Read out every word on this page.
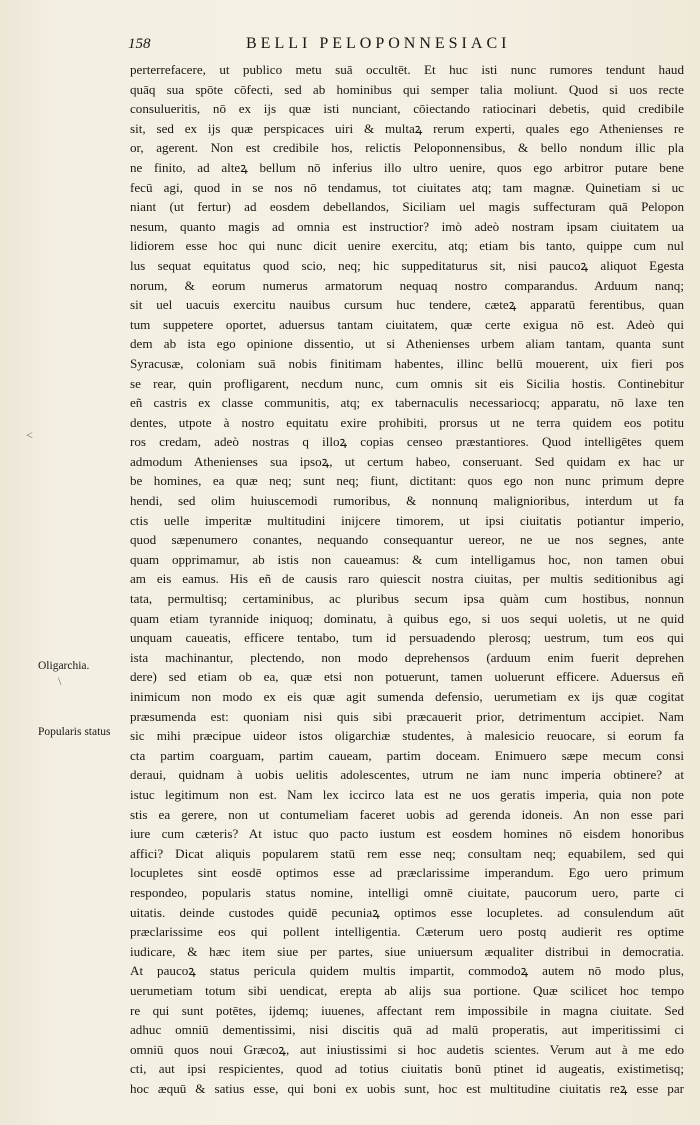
158	BELLI PELOPONNESIACI
Oligarchia.
Popularis status
<
\
perterrefacere, ut publico metu suā occultēt. Et huc isti nunc rumores tendunt haud
quāq sua spōte cōfecti, sed ab hominibus qui semper talia moliunt. Quod si uos recte
consulueritis, nō ex ijs quæ isti nunciant, cōiectando ratiocinari debetis, quid credibile
sit, sed ex ijs quæ perspicaces uiri & multaꝝ rerum experti, quales ego Athenienses re
or, agerent. Non est credibile hos, relictis Peloponnensibus, & bello nondum illic pla
ne finito, ad alteꝝ bellum nō inferius illo ultro uenire, quos ego arbitror putare bene
fecū agi, quod in se nos nō tendamus, tot ciuitates atq; tam magnæ. Quinetiam si uc
niant (ut fertur) ad eosdem debellandos, Siciliam uel magis suffecturam quā Pelopon
nesum, quanto magis ad omnia est instructior? imò adeò nostram ipsam ciuitatem ua
lidiorem esse hoc qui nunc dicit uenire exercitu, atq; etiam bis tanto, quippe cum nul
lus sequat equitatus quod scio, neq; hic suppeditaturus sit, nisi paucoꝝ aliquot Egesta
norum, & eorum numerus armatorum nequaq nostro comparandus. Arduum nanq;
sit uel uacuis exercitu nauibus cursum huc tendere, cæteꝝ apparatū ferentibus, quan
tum suppetere oportet, aduersus tantam ciuitatem, quæ certe exigua nō est. Adeò qui
dem ab ista ego opinione dissentio, ut si Athenienses urbem aliam tantam, quanta sunt
Syracusæ, coloniam suā nobis finitimam habentes, illinc bellū mouerent, uix fieri pos
se rear, quin profligarent, necdum nunc, cum omnis sit eis Sicilia hostis. Continebitur
eñ castris ex classe communitis, atq; ex tabernaculis necessariocq; apparatu, nō laxe ten
dentes, utpote à nostro equitatu exire prohibiti, prorsus ut ne terra quidem eos potitu
ros credam, adeò nostras q illoꝝ copias censeo præstantiores. Quod intelligētes quem
admodum Athenienses sua ipsoꝝ, ut certum habeo, conseruant. Sed quidam ex hac ur
be homines, ea quæ neq; sunt neq; fiunt, dictitant: quos ego non nunc primum depre
hendi, sed olim huiuscemodi rumoribus, & nonnunq malignioribus, interdum ut fa
ctis uelle imperitæ multitudini inijcere timorem, ut ipsi ciuitatis potiantur imperio,
quod sæpenumero conantes, nequando consequantur uereor, ne ue nos segnes, ante
quam opprimamur, ab istis non caueamus: & cum intelligamus hoc, non tamen obui
am eis eamus. His eñ de causis raro quiescit nostra ciuitas, per multis seditionibus agi
tata, permultisq; certaminibus, ac pluribus secum ipsa quàm cum hostibus, nonnun
quam etiam tyrannide iniquoq; dominatu, à quibus ego, si uos sequi uoletis, ut ne quid
unquam caueatis, efficere tentabo, tum id persuadendo plerosq; uestrum, tum eos qui
ista machinantur, plectendo, non modo deprehensos (arduum enim fuerit deprehen
dere) sed etiam ob ea, quæ etsi non potuerunt, tamen uoluerunt efficere. Aduersus eñ
inimicum non modo ex eis quæ agit sumenda defensio, uerumetiam ex ijs quæ cogitat
præsumenda est: quoniam nisi quis sibi præcauerit prior, detrimentum accipiet. Nam
sic mihi præcipue uideor istos oligarchiæ studentes, à malesicio reuocare, si eorum fa
cta partim coarguam, partim caueam, partim doceam. Enimuero sæpe mecum consi
deraui, quidnam à uobis uelitis adolescentes, utrum ne iam nunc imperia obtinere? at
istuc legitimum non est. Nam lex iccirco lata est ne uos geratis imperia, quia non pote
stis ea gerere, non ut contumeliam faceret uobis ad gerenda idoneis. An non esse pari
iure cum cæteris? At istuc quo pacto iustum est eosdem homines nō eisdem honoribus
affici? Dicat aliquis popularem statū rem esse neq; consultam neq; equabilem, sed qui
locupletes sint eosdē optimos esse ad præclarissime imperandum. Ego uero primum
respondeo, popularis status nomine, intelligi omnē ciuitate, paucorum uero, parte ci
uitatis. deinde custodes quidē pecuniaꝝ optimos esse locupletes. ad consulendum aūt
præclarissime eos qui pollent intelligentia. Cæterum uero postq audierit res optime
iudicare, & hæc item siue per partes, siue uniuersum æqualiter distribui in democratia.
At paucoꝝ status pericula quidem multis impartit, commodoꝝ autem nō modo plus,
uerumetiam totum sibi uendicat, erepta ab alijs sua portione. Quæ scilicet hoc tempo
re qui sunt potētes, ijdemq; iuuenes, affectant rem impossibile in magna ciuitate. Sed
adhuc omniū dementissimi, nisi discitis quā ad malū properatis, aut imperitissimi ci
omniū quos noui Græcoꝝ, aut iniustissimi si hoc audetis scientes. Verum aut à me edo
cti, aut ipsi respicientes, quod ad totius ciuitatis bonū ptinet id augeatis, existimetisq;
hoc æquū & satius esse, qui boni ex uobis sunt, hoc est multitudine ciuitatis reꝝ esse par
